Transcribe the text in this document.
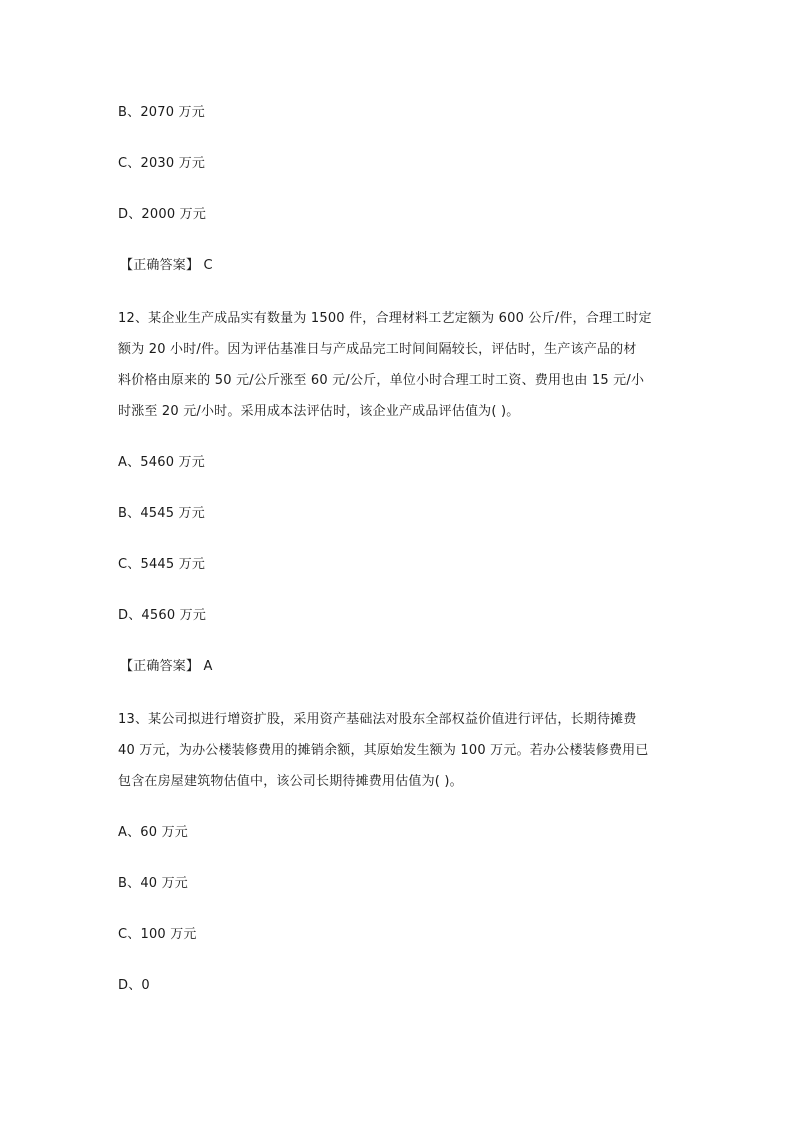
B、2070 万元
C、2030 万元
D、2000 万元
【正确答案】 C
12、某企业生产成品实有数量为 1500 件，合理材料工艺定额为 600 公斤/件，合理工时定
额为 20 小时/件。因为评估基准日与产成品完工时间间隔较长，评估时，生产该产品的材
料价格由原来的 50 元/公斤涨至 60 元/公斤，单位小时合理工时工资、费用也由 15 元/小
时涨至 20 元/小时。采用成本法评估时，该企业产成品评估值为( )。
A、5460 万元
B、4545 万元
C、5445 万元
D、4560 万元
【正确答案】 A
13、某公司拟进行增资扩股，采用资产基础法对股东全部权益价值进行评估，长期待摊费
40 万元，为办公楼装修费用的摊销余额，其原始发生额为 100 万元。若办公楼装修费用已
包含在房屋建筑物估值中，该公司长期待摊费用估值为( )。
A、60 万元
B、40 万元
C、100 万元
D、0
